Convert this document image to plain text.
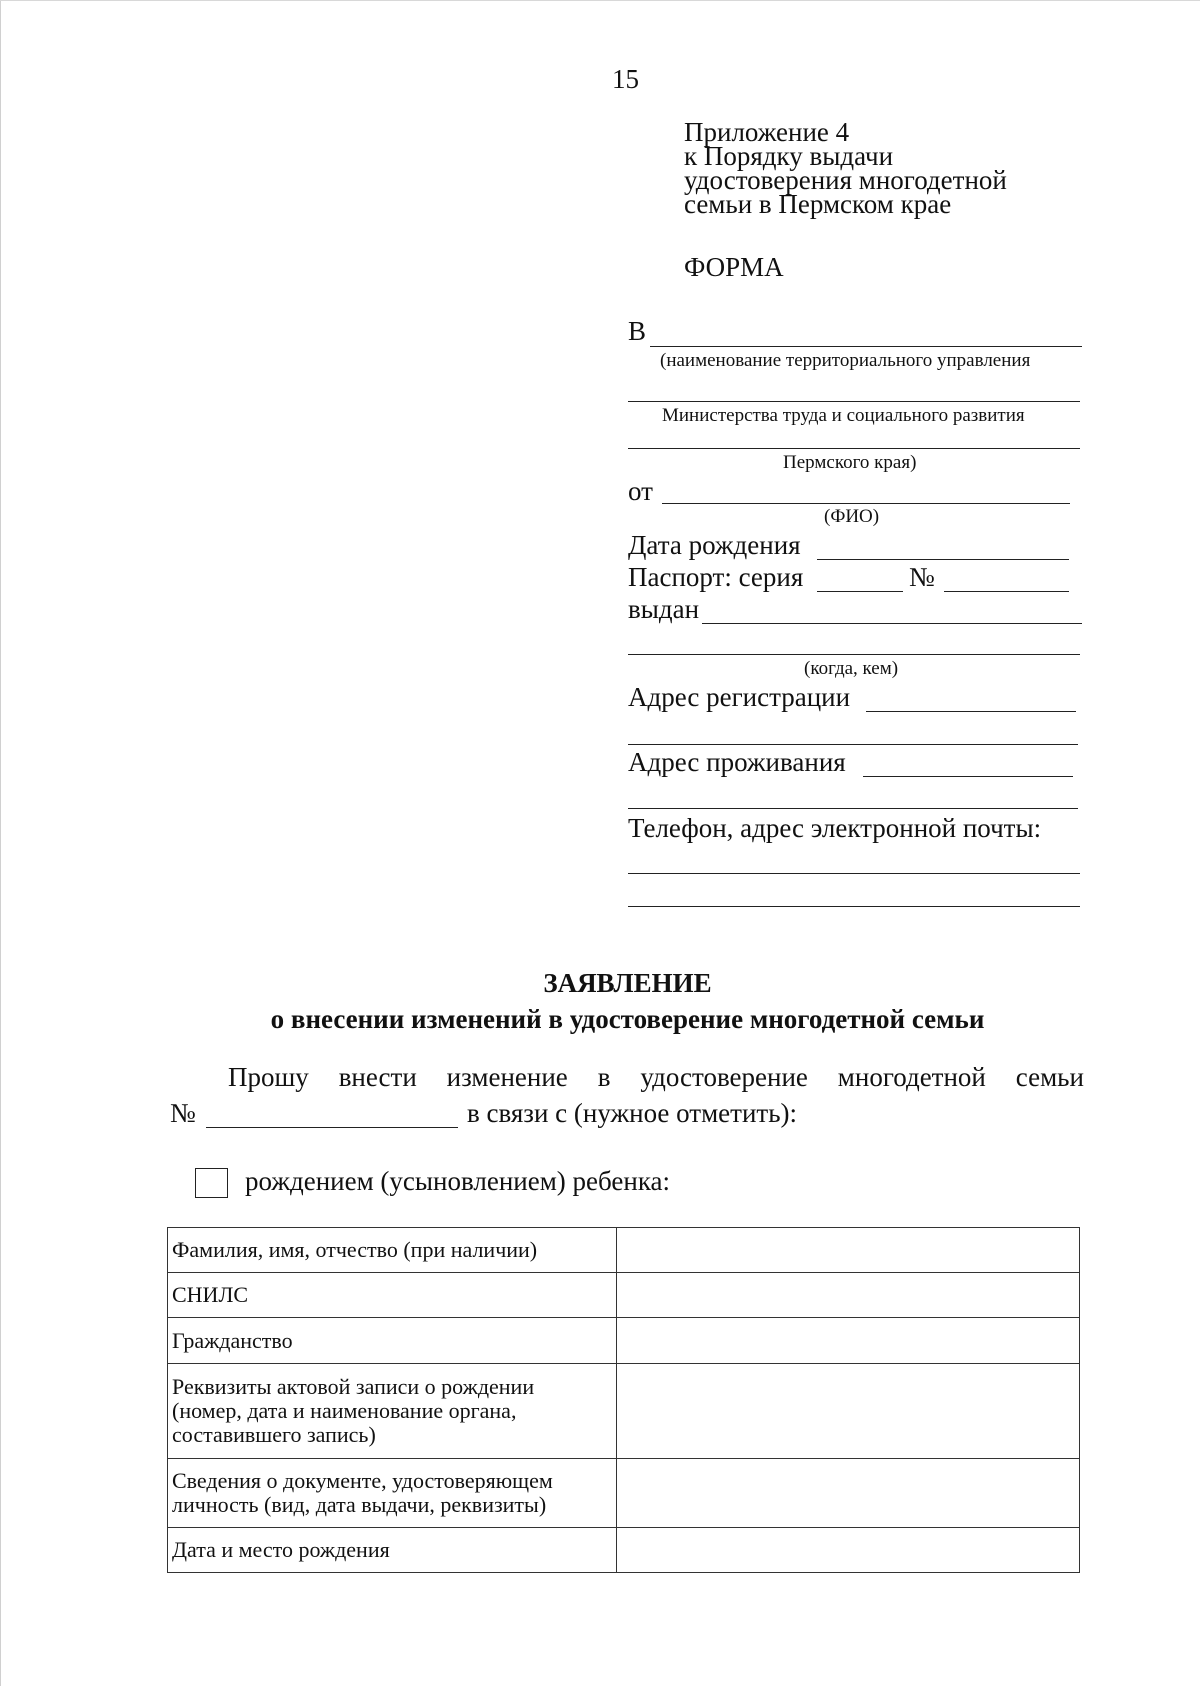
15
Приложение 4
к Порядку выдачи
удостоверения многодетной
семьи в Пермском крае
ФОРМА
В
(наименование территориального управления
Министерства труда и социального развития
Пермского края)
от
(ФИО)
Дата рождения
Паспорт: серия	№
выдан
(когда, кем)
Адрес регистрации
Адрес проживания
Телефон, адрес электронной почты:
ЗАЯВЛЕНИЕ
о внесении изменений в удостоверение многодетной семьи
Прошу внести изменение в удостоверение многодетной семьи
№	в связи с (нужное отметить):
рождением (усыновлением) ребенка:
Фамилия, имя, отчество (при наличии)	
СНИЛС	
Гражданство	
Реквизиты актовой записи о рождении
(номер, дата и наименование органа,
составившего запись)	
Сведения о документе, удостоверяющем
личность (вид, дата выдачи, реквизиты)	
Дата и место рождения	
